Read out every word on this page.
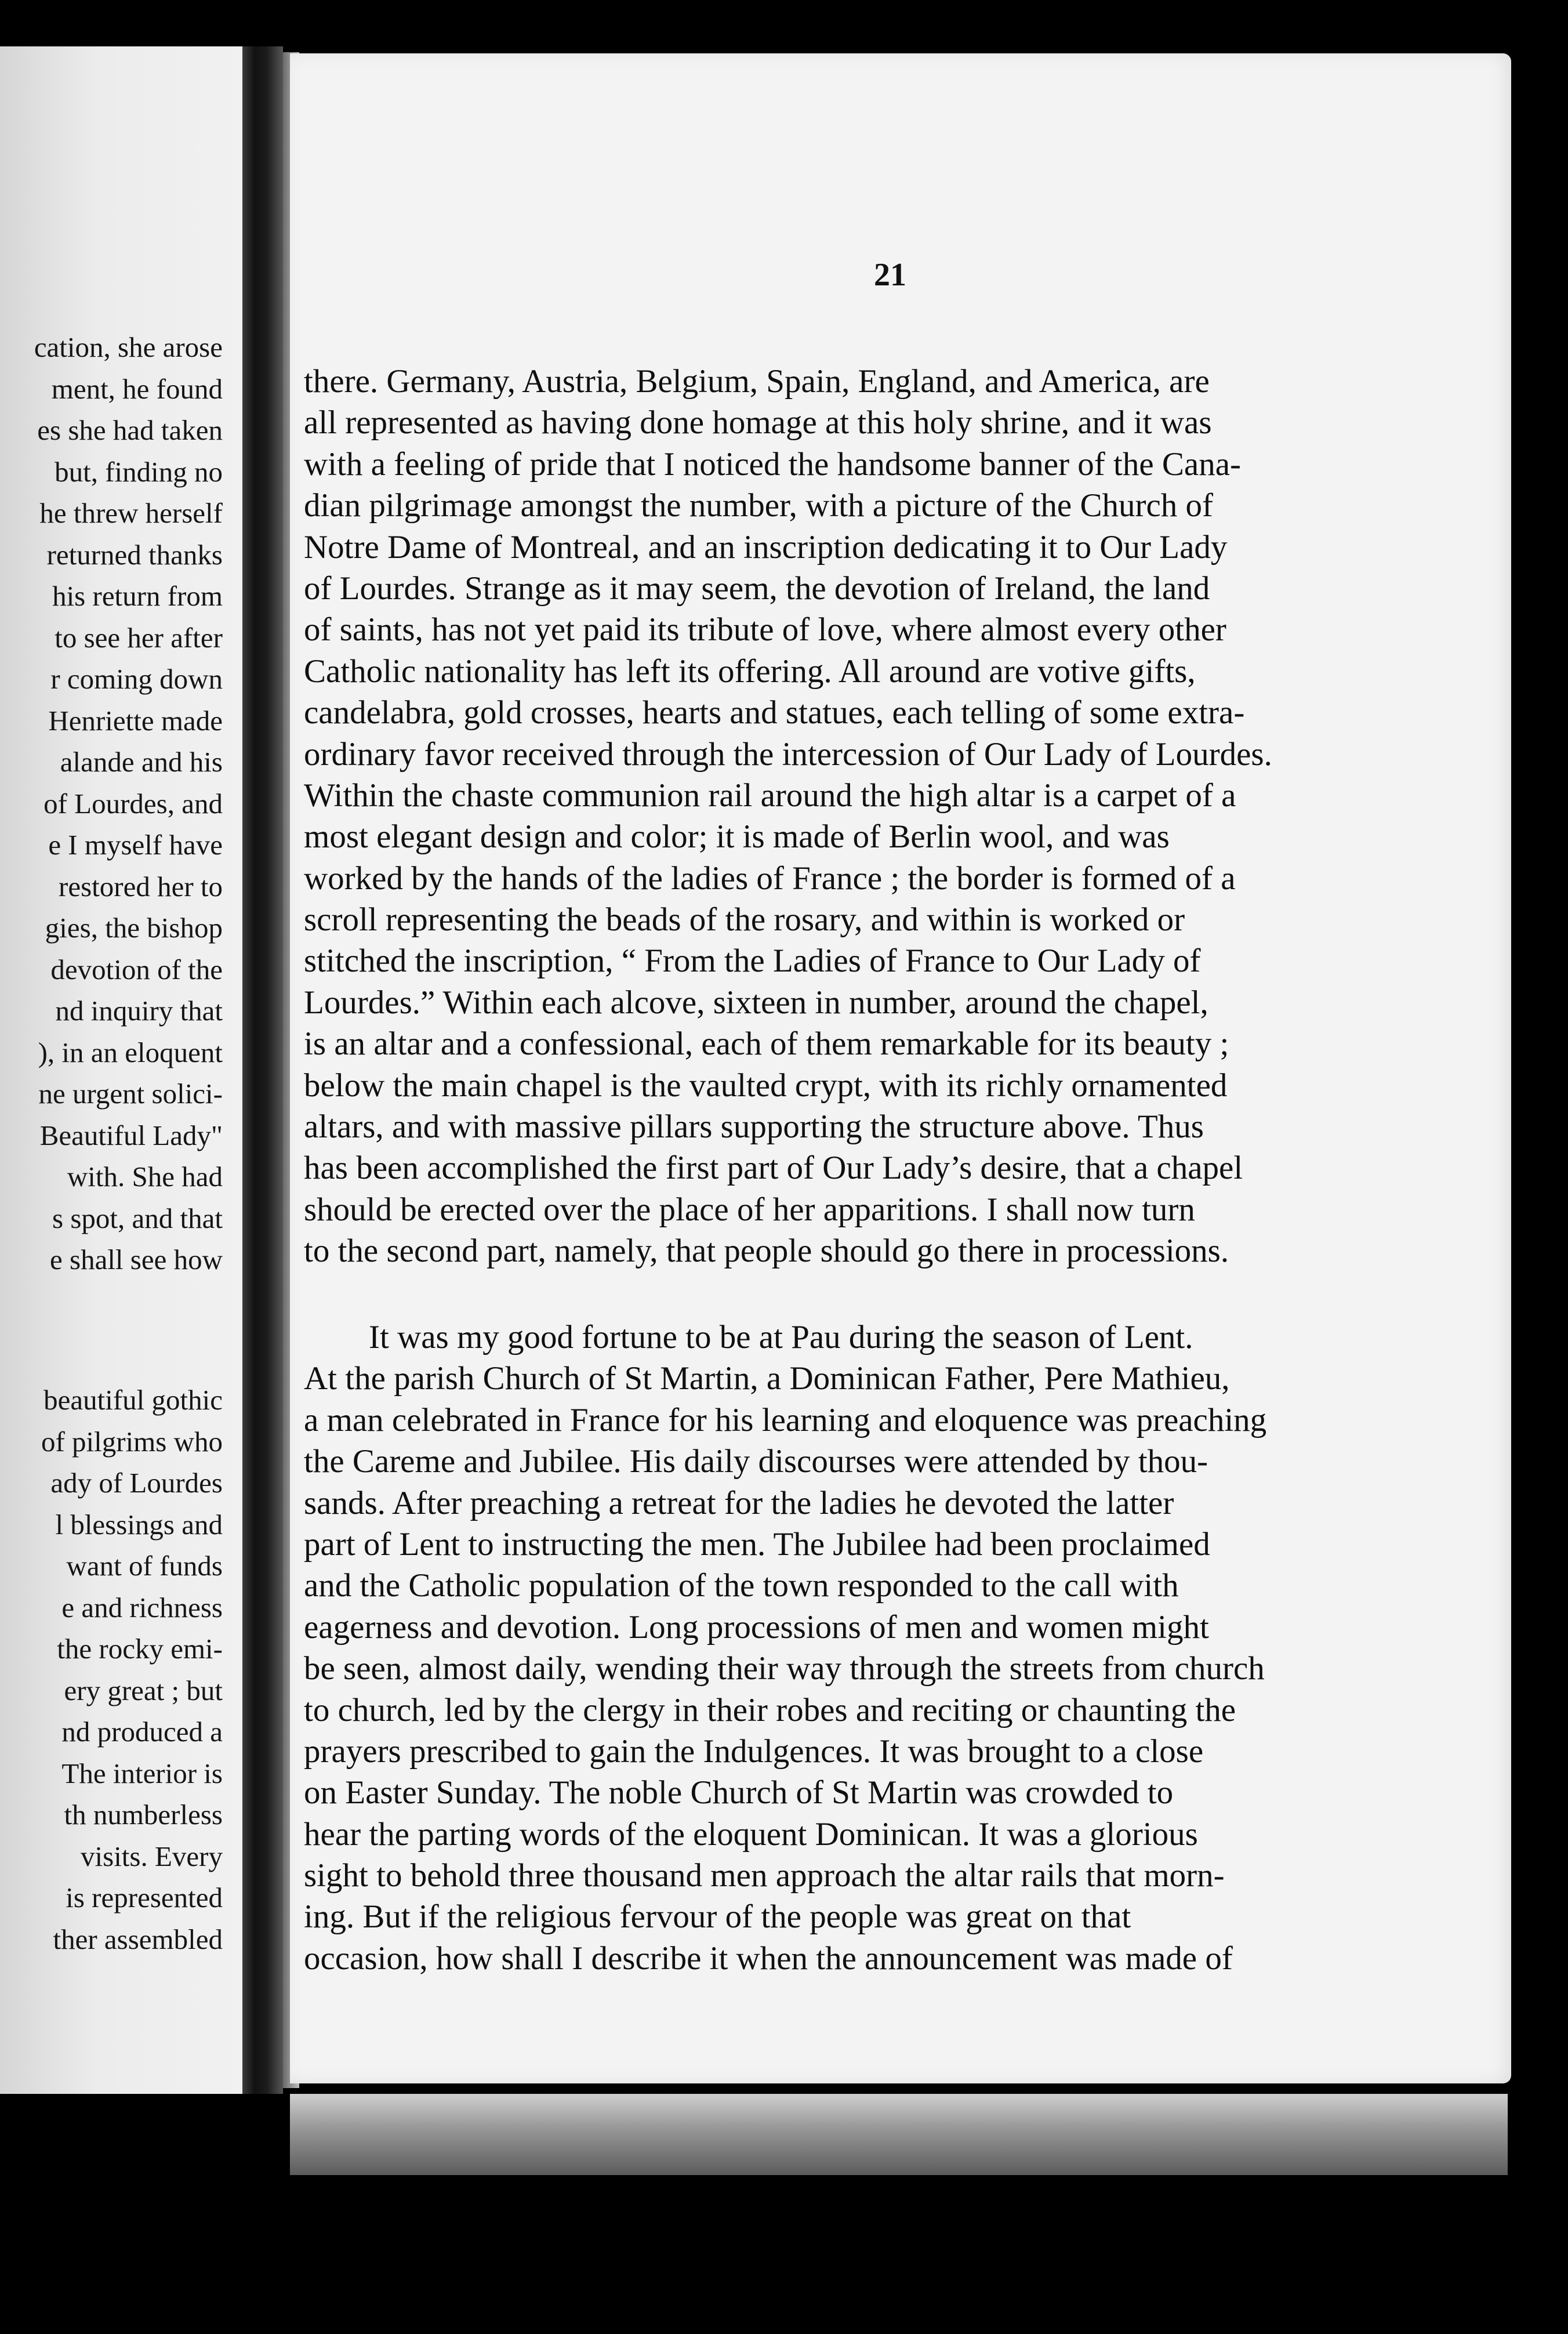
cation, she arose
ment, he found
es she had taken
but, finding no
he threw herself
returned thanks
his return from
to see her after
r coming down
Henriette made
alande and his
of Lourdes, and
e I myself have
restored her to
gies, the bishop
devotion of the
nd inquiry that
), in an eloquent
ne urgent solici-
Beautiful Lady"
with. She had
s spot, and that
e shall see how
beautiful gothic
of pilgrims who
ady of Lourdes
l blessings and
want of funds
e and richness
the rocky emi-
ery great ; but
nd produced a
The interior is
th numberless
visits. Every
is represented
ther assembled
21
there. Germany, Austria, Belgium, Spain, England, and America, are
all represented as having done homage at this holy shrine, and it was
with a feeling of pride that I noticed the handsome banner of the Cana-
dian pilgrimage amongst the number, with a picture of the Church of
Notre Dame of Montreal, and an inscription dedicating it to Our Lady
of Lourdes. Strange as it may seem, the devotion of Ireland, the land
of saints, has not yet paid its tribute of love, where almost every other
Catholic nationality has left its offering. All around are votive gifts,
candelabra, gold crosses, hearts and statues, each telling of some extra-
ordinary favor received through the intercession of Our Lady of Lourdes.
Within the chaste communion rail around the high altar is a carpet of a
most elegant design and color; it is made of Berlin wool, and was
worked by the hands of the ladies of France ; the border is formed of a
scroll representing the beads of the rosary, and within is worked or
stitched the inscription, “ From the Ladies of France to Our Lady of
Lourdes.” Within each alcove, sixteen in number, around the chapel,
is an altar and a confessional, each of them remarkable for its beauty ;
below the main chapel is the vaulted crypt, with its richly ornamented
altars, and with massive pillars supporting the structure above. Thus
has been accomplished the first part of Our Lady’s desire, that a chapel
should be erected over the place of her apparitions. I shall now turn
to the second part, namely, that people should go there in processions.
It was my good fortune to be at Pau during the season of Lent.
At the parish Church of St Martin, a Dominican Father, Pere Mathieu,
a man celebrated in France for his learning and eloquence was preaching
the Careme and Jubilee. His daily discourses were attended by thou-
sands. After preaching a retreat for the ladies he devoted the latter
part of Lent to instructing the men. The Jubilee had been proclaimed
and the Catholic population of the town responded to the call with
eagerness and devotion. Long processions of men and women might
be seen, almost daily, wending their way through the streets from church
to church, led by the clergy in their robes and reciting or chaunting the
prayers prescribed to gain the Indulgences. It was brought to a close
on Easter Sunday. The noble Church of St Martin was crowded to
hear the parting words of the eloquent Dominican. It was a glorious
sight to behold three thousand men approach the altar rails that morn-
ing. But if the religious fervour of the people was great on that
occasion, how shall I describe it when the announcement was made of
